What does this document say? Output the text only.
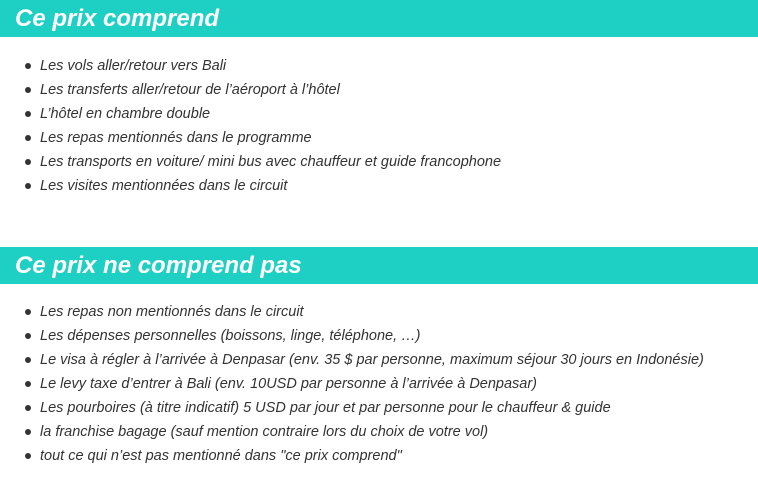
Ce prix comprend
Les vols aller/retour vers Bali
Les transferts aller/retour de l’aéroport à l’hôtel
L’hôtel en chambre double
Les repas mentionnés dans le programme
Les transports en voiture/ mini bus avec chauffeur et guide francophone
Les visites mentionnées dans le circuit
Ce prix ne comprend pas
Les repas non mentionnés dans le circuit
Les dépenses personnelles (boissons, linge, téléphone, …)
Le visa à régler à l’arrivée à Denpasar (env. 35 $ par personne, maximum séjour 30 jours en Indonésie)
Le levy taxe d’entrer à Bali (env. 10USD par personne à l’arrivée à Denpasar)
Les pourboires (à titre indicatif) 5 USD par jour et par personne pour le chauffeur & guide
la franchise bagage (sauf mention contraire lors du choix de votre vol)
tout ce qui n’est pas mentionné dans "ce prix comprend"
